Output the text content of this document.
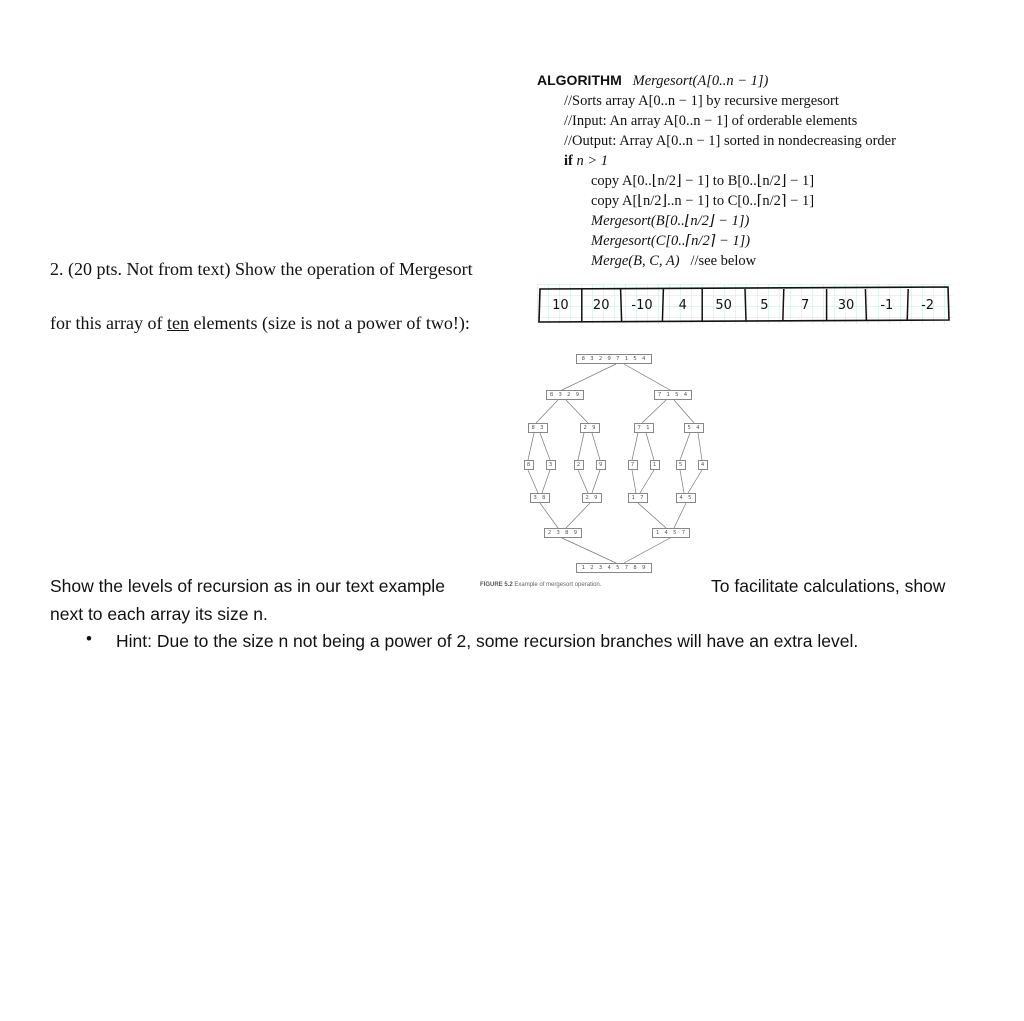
ALGORITHM Mergesort(A[0..n − 1])
//Sorts array A[0..n − 1] by recursive mergesort
//Input: An array A[0..n − 1] of orderable elements
//Output: Array A[0..n − 1] sorted in nondecreasing order
if n > 1
copy A[0..⌊n/2⌋ − 1] to B[0..⌊n/2⌋ − 1]
copy A[⌊n/2⌋..n − 1] to C[0..⌈n/2⌉ − 1]
Mergesort(B[0..⌊n/2⌋ − 1])
Mergesort(C[0..⌈n/2⌉ − 1])
Merge(B, C, A) //see below
2. (20 pts. Not from text) Show the operation of Mergesort
for this array of ten elements (size is not a power of two!):
10 20 -10 4 50 5	7 30 -1 -2
8 3 2 9 7 1 5 4
8 3 2 9	7 1 5 4
8 3	2 9	7 1	5 4
8	3	2	9	7	1	5	4
3 8	2 9	1 7	4 5
2 3 8 9	1 4 5 7
1 2 3 4 5 7 8 9
Show the levels of recursion as in our text example	FIGURE 5.2 Example of mergesort operation.	To facilitate calculations, show
next to each array its size n.
• Hint: Due to the size n not being a power of 2, some recursion branches will have an extra level.
